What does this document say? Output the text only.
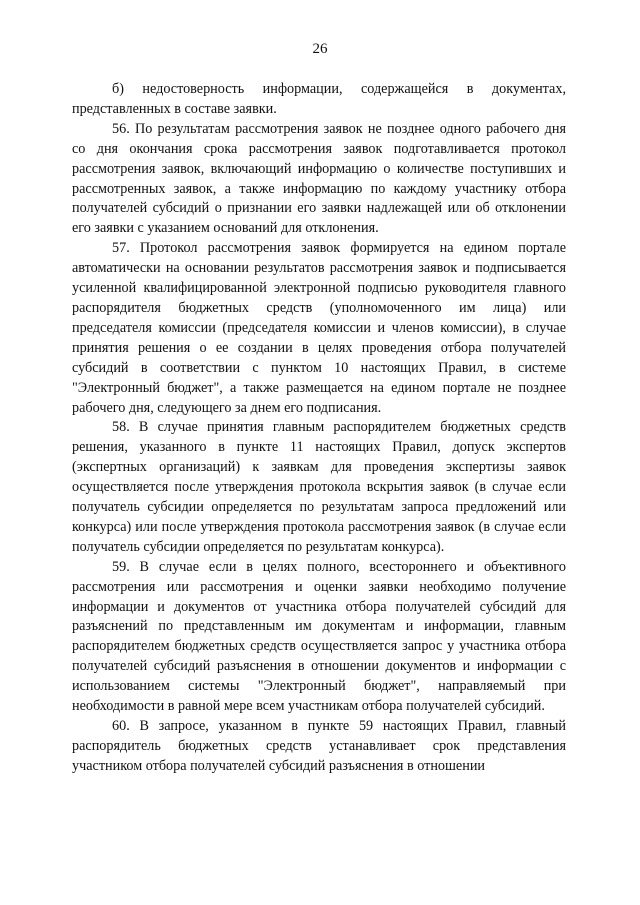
26

б) недостоверность информации, содержащейся в документах, представленных в составе заявки.

56. По результатам рассмотрения заявок не позднее одного рабочего дня со дня окончания срока рассмотрения заявок подготавливается протокол рассмотрения заявок, включающий информацию о количестве поступивших и рассмотренных заявок, а также информацию по каждому участнику отбора получателей субсидий о признании его заявки надлежащей или об отклонении его заявки с указанием оснований для отклонения.

57. Протокол рассмотрения заявок формируется на едином портале автоматически на основании результатов рассмотрения заявок и подписывается усиленной квалифицированной электронной подписью руководителя главного распорядителя бюджетных средств (уполномоченного им лица) или председателя комиссии (председателя комиссии и членов комиссии), в случае принятия решения о ее создании в целях проведения отбора получателей субсидий в соответствии с пунктом 10 настоящих Правил, в системе "Электронный бюджет", а также размещается на едином портале не позднее рабочего дня, следующего за днем его подписания.

58. В случае принятия главным распорядителем бюджетных средств решения, указанного в пункте 11 настоящих Правил, допуск экспертов (экспертных организаций) к заявкам для проведения экспертизы заявок осуществляется после утверждения протокола вскрытия заявок (в случае если получатель субсидии определяется по результатам запроса предложений или конкурса) или после утверждения протокола рассмотрения заявок (в случае если получатель субсидии определяется по результатам конкурса).

59. В случае если в целях полного, всестороннего и объективного рассмотрения или рассмотрения и оценки заявки необходимо получение информации и документов от участника отбора получателей субсидий для разъяснений по представленным им документам и информации, главным распорядителем бюджетных средств осуществляется запрос у участника отбора получателей субсидий разъяснения в отношении документов и информации с использованием системы "Электронный бюджет", направляемый при необходимости в равной мере всем участникам отбора получателей субсидий.

60. В запросе, указанном в пункте 59 настоящих Правил, главный распорядитель бюджетных средств устанавливает срок представления участником отбора получателей субсидий разъяснения в отношении
